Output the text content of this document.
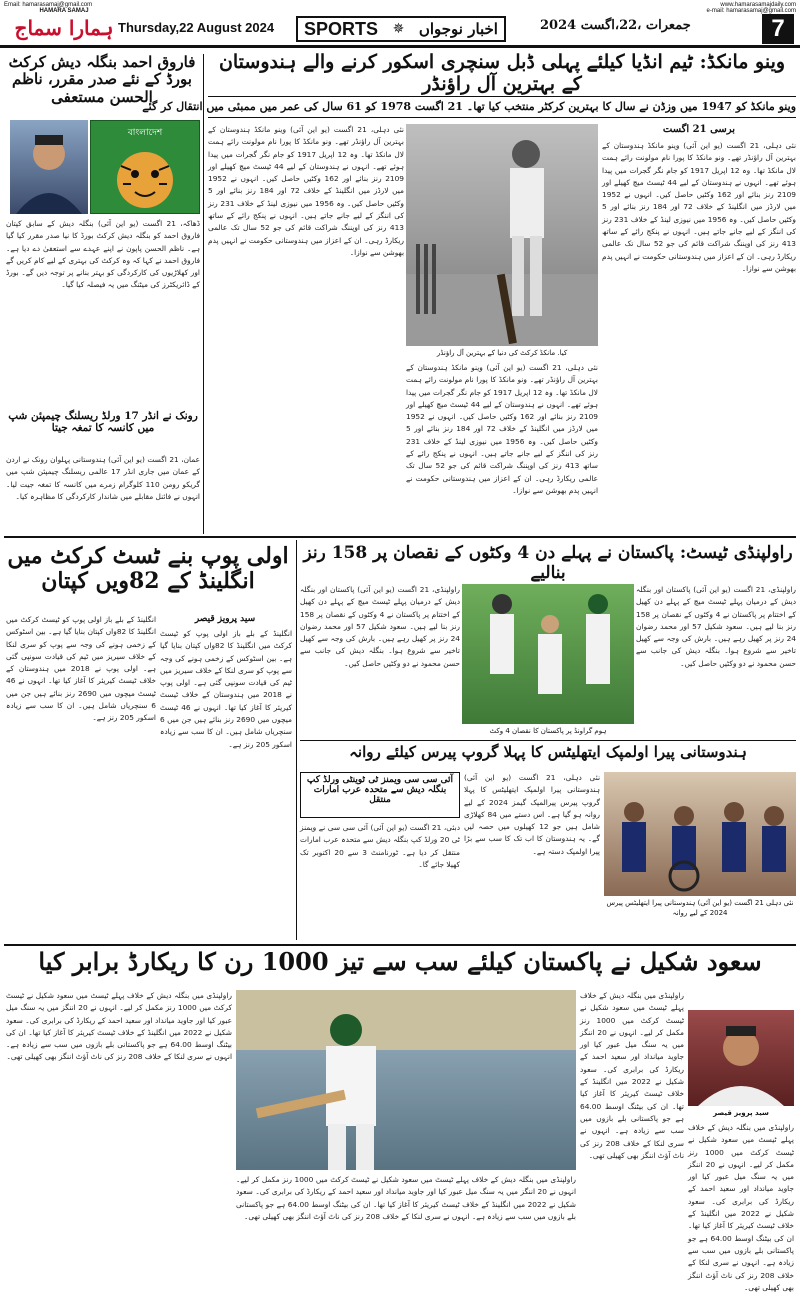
Email: hamarasamaj@gmail.com
HAMARA SAMAJ
ہمارا سماج Thursday,22 August 2024 SPORTS ✵ اخبار نوجواں	جمعرات ،22،اگست 2024
www.hamarasamajdaily.com
e-mail: hamarasamaj@gmail.com
7
فاروق احمد بنگلہ دیش کرکٹ بورڈ کے نئے صدر مقرر، ناظم الحسن مستعفی
বাংলাদেশ
ڈھاکہ، 21 اگست (یو این آئی) بنگلہ دیش کے سابق کپتان فاروق احمد کو بنگلہ دیش کرکٹ بورڈ کا نیا صدر مقرر کیا گیا ہے۔ ناظم الحسن پاپون نے اپنے عہدے سے استعفیٰ دے دیا ہے۔ فاروق احمد نے کہا کہ وہ کرکٹ کی بہتری کے لیے کام کریں گے اور کھلاڑیوں کی کارکردگی کو بہتر بنانے پر توجہ دیں گے۔ بورڈ کے ڈائریکٹرز کی میٹنگ میں یہ فیصلہ کیا گیا۔
رونک نے انڈر 17 ورلڈ ریسلنگ چیمپئن شپ میں کانسہ کا تمغہ جیتا
عمان، 21 اگست (یو این آئی) ہندوستانی پہلوان رونک نے اردن کے عمان میں جاری انڈر 17 عالمی ریسلنگ چیمپئن شپ میں گریکو رومن 110 کلوگرام زمرے میں کانسہ کا تمغہ جیت لیا۔ انہوں نے فائنل مقابلے میں شاندار کارکردگی کا مظاہرہ کیا۔
وینو مانکڈ: ٹیم انڈیا کیلئے پہلی ڈبل سنچری اسکور کرنے والے ہندوستان کے بہترین آل راؤنڈر
وینو مانکڈ کو 1947 میں وزڈن نے سال کا بہترین کرکٹر منتخب کیا تھا۔ 21 اگست 1978 کو 61 سال کی عمر میں ممبئی میں انتقال کر گئے
نئی دہلی، 21 اگست (یو این آئی) وینو مانکڈ ہندوستان کے بہترین آل راؤنڈر تھے۔ ونو مانکڈ کا پورا نام مولونت رائے ہمت لال مانکڈ تھا۔ وہ 12 اپریل 1917 کو جام نگر گجرات میں پیدا ہوئے تھے۔ انہوں نے ہندوستان کے لیے 44 ٹیسٹ میچ کھیلے اور 2109 رنز بنائے اور 162 وکٹیں حاصل کیں۔ انہوں نے 1952 میں لارڈز میں انگلینڈ کے خلاف 72 اور 184 رنز بنائے اور 5 وکٹیں حاصل کیں۔ وہ 1956 میں نیوزی لینڈ کے خلاف 231 رنز کی اننگز کے لیے جانے جاتے ہیں۔ انہوں نے پنکج رائے کے ساتھ 413 رنز کی اوپننگ شراکت قائم کی جو 52 سال تک عالمی ریکارڈ رہی۔ ان کے اعزاز میں ہندوستانی حکومت نے انہیں پدم بھوشن سے نوازا۔
کیا. مانکڈ کرکٹ کی دنیا کے بہترین آل راؤنڈر
نئی دہلی، 21 اگست (یو این آئی) وینو مانکڈ ہندوستان کے بہترین آل راؤنڈر تھے۔ ونو مانکڈ کا پورا نام مولونت رائے ہمت لال مانکڈ تھا۔ وہ 12 اپریل 1917 کو جام نگر گجرات میں پیدا ہوئے تھے۔ انہوں نے ہندوستان کے لیے 44 ٹیسٹ میچ کھیلے اور 2109 رنز بنائے اور 162 وکٹیں حاصل کیں۔ انہوں نے 1952 میں لارڈز میں انگلینڈ کے خلاف 72 اور 184 رنز بنائے اور 5 وکٹیں حاصل کیں۔ وہ 1956 میں نیوزی لینڈ کے خلاف 231 رنز کی اننگز کے لیے جانے جاتے ہیں۔ انہوں نے پنکج رائے کے ساتھ 413 رنز کی اوپننگ شراکت قائم کی جو 52 سال تک عالمی ریکارڈ رہی۔ ان کے اعزاز میں ہندوستانی حکومت نے انہیں پدم بھوشن سے نوازا۔
برسی 21 اگست
نئی دہلی، 21 اگست (یو این آئی) وینو مانکڈ ہندوستان کے بہترین آل راؤنڈر تھے۔ ونو مانکڈ کا پورا نام مولونت رائے ہمت لال مانکڈ تھا۔ وہ 12 اپریل 1917 کو جام نگر گجرات میں پیدا ہوئے تھے۔ انہوں نے ہندوستان کے لیے 44 ٹیسٹ میچ کھیلے اور 2109 رنز بنائے اور 162 وکٹیں حاصل کیں۔ انہوں نے 1952 میں لارڈز میں انگلینڈ کے خلاف 72 اور 184 رنز بنائے اور 5 وکٹیں حاصل کیں۔ وہ 1956 میں نیوزی لینڈ کے خلاف 231 رنز کی اننگز کے لیے جانے جاتے ہیں۔ انہوں نے پنکج رائے کے ساتھ 413 رنز کی اوپننگ شراکت قائم کی جو 52 سال تک عالمی ریکارڈ رہی۔ ان کے اعزاز میں ہندوستانی حکومت نے انہیں پدم بھوشن سے نوازا۔
اولی پوپ بنے ٹسٹ کرکٹ میں انگلینڈ کے 82ویں کپتان
سید پرویز قیصر
انگلینڈ کے بلے باز اولی پوپ کو ٹیسٹ کرکٹ میں انگلینڈ کا 82واں کپتان بنایا گیا ہے۔ بین اسٹوکس کے زخمی ہونے کی وجہ سے پوپ کو سری لنکا کے خلاف سیریز میں ٹیم کی قیادت سونپی گئی ہے۔ اولی پوپ نے 2018 میں ہندوستان کے خلاف ٹیسٹ کیریئر کا آغاز کیا تھا۔ انہوں نے 46 ٹیسٹ میچوں میں 2690 رنز بنائے ہیں جن میں 6 سنچریاں شامل ہیں۔ ان کا سب سے زیادہ اسکور 205 رنز ہے۔
انگلینڈ کے بلے باز اولی پوپ کو ٹیسٹ کرکٹ میں انگلینڈ کا 82واں کپتان بنایا گیا ہے۔ بین اسٹوکس کے زخمی ہونے کی وجہ سے پوپ کو سری لنکا کے خلاف سیریز میں ٹیم کی قیادت سونپی گئی ہے۔ اولی پوپ نے 2018 میں ہندوستان کے خلاف ٹیسٹ کیریئر کا آغاز کیا تھا۔ انہوں نے 46 ٹیسٹ میچوں میں 2690 رنز بنائے ہیں جن میں 6 سنچریاں شامل ہیں۔ ان کا سب سے زیادہ اسکور 205 رنز ہے۔
راولپنڈی ٹیسٹ: پاکستان نے پہلے دن 4 وکٹوں کے نقصان پر 158 رنز بنالیے
راولپنڈی، 21 اگست (یو این آئی) پاکستان اور بنگلہ دیش کے درمیان پہلے ٹیسٹ میچ کے پہلے دن کھیل کے اختتام پر پاکستان نے 4 وکٹوں کے نقصان پر 158 رنز بنا لیے ہیں۔ سعود شکیل 57 اور محمد رضوان 24 رنز پر کھیل رہے ہیں۔ بارش کی وجہ سے کھیل تاخیر سے شروع ہوا۔ بنگلہ دیش کی جانب سے حسن محمود نے دو وکٹیں حاصل کیں۔
ہوم گراونڈ پر پاکستان کا نقصان 4 وکٹ
راولپنڈی، 21 اگست (یو این آئی) پاکستان اور بنگلہ دیش کے درمیان پہلے ٹیسٹ میچ کے پہلے دن کھیل کے اختتام پر پاکستان نے 4 وکٹوں کے نقصان پر 158 رنز بنا لیے ہیں۔ سعود شکیل 57 اور محمد رضوان 24 رنز پر کھیل رہے ہیں۔ بارش کی وجہ سے کھیل تاخیر سے شروع ہوا۔ بنگلہ دیش کی جانب سے حسن محمود نے دو وکٹیں حاصل کیں۔
ہندوستانی پیرا اولمپک ایتھلیٹس کا پہلا گروپ پیرس کیلئے روانہ
آئی سی سی ویمنز ٹی ٹوینٹی ورلڈ کپ
بنگلہ دیش سے متحدہ عرب امارات منتقل
دبئی، 21 اگست (یو این آئی) آئی سی سی نے ویمنز ٹی 20 ورلڈ کپ بنگلہ دیش سے متحدہ عرب امارات منتقل کر دیا ہے۔ ٹورنامنٹ 3 سے 20 اکتوبر تک کھیلا جائے گا۔
نئی دہلی، 21 اگست (یو این آئی) ہندوستانی پیرا اولمپک ایتھلیٹس کا پہلا گروپ پیرس پیرالمپک گیمز 2024 کے لیے روانہ ہو گیا ہے۔ اس دستے میں 84 کھلاڑی شامل ہیں جو 12 کھیلوں میں حصہ لیں گے۔ یہ ہندوستان کا اب تک کا سب سے بڑا پیرا اولمپک دستہ ہے۔
نئی دہلی 21 اگست (یو این آئی) ہندوستانی پیرا ایتھلیٹس پیرس 2024 کے لیے روانہ
سعود شکیل نے پاکستان کیلئے سب سے تیز 1000 رن کا ریکارڈ برابر کیا
راولپنڈی میں بنگلہ دیش کے خلاف پہلے ٹیسٹ میں سعود شکیل نے ٹیسٹ کرکٹ میں 1000 رنز مکمل کر لیے۔ انہوں نے 20 اننگز میں یہ سنگ میل عبور کیا اور جاوید میانداد اور سعید احمد کے ریکارڈ کی برابری کی۔ سعود شکیل نے 2022 میں انگلینڈ کے خلاف ٹیسٹ کیریئر کا آغاز کیا تھا۔ ان کی بیٹنگ اوسط 64.00 ہے جو پاکستانی بلے بازوں میں سب سے زیادہ ہے۔ انہوں نے سری لنکا کے خلاف 208 رنز کی ناٹ آؤٹ اننگز بھی کھیلی تھی۔
راولپنڈی میں بنگلہ دیش کے خلاف پہلے ٹیسٹ میں سعود شکیل نے ٹیسٹ کرکٹ میں 1000 رنز مکمل کر لیے۔ انہوں نے 20 اننگز میں یہ سنگ میل عبور کیا اور جاوید میانداد اور سعید احمد کے ریکارڈ کی برابری کی۔ سعود شکیل نے 2022 میں انگلینڈ کے خلاف ٹیسٹ کیریئر کا آغاز کیا تھا۔ ان کی بیٹنگ اوسط 64.00 ہے جو پاکستانی بلے بازوں میں سب سے زیادہ ہے۔ انہوں نے سری لنکا کے خلاف 208 رنز کی ناٹ آؤٹ اننگز بھی کھیلی تھی۔
راولپنڈی میں بنگلہ دیش کے خلاف پہلے ٹیسٹ میں سعود شکیل نے ٹیسٹ کرکٹ میں 1000 رنز مکمل کر لیے۔ انہوں نے 20 اننگز میں یہ سنگ میل عبور کیا اور جاوید میانداد اور سعید احمد کے ریکارڈ کی برابری کی۔ سعود شکیل نے 2022 میں انگلینڈ کے خلاف ٹیسٹ کیریئر کا آغاز کیا تھا۔ ان کی بیٹنگ اوسط 64.00 ہے جو پاکستانی بلے بازوں میں سب سے زیادہ ہے۔ انہوں نے سری لنکا کے خلاف 208 رنز کی ناٹ آؤٹ اننگز بھی کھیلی تھی۔
سید پرویز قیصر
راولپنڈی میں بنگلہ دیش کے خلاف پہلے ٹیسٹ میں سعود شکیل نے ٹیسٹ کرکٹ میں 1000 رنز مکمل کر لیے۔ انہوں نے 20 اننگز میں یہ سنگ میل عبور کیا اور جاوید میانداد اور سعید احمد کے ریکارڈ کی برابری کی۔ سعود شکیل نے 2022 میں انگلینڈ کے خلاف ٹیسٹ کیریئر کا آغاز کیا تھا۔ ان کی بیٹنگ اوسط 64.00 ہے جو پاکستانی بلے بازوں میں سب سے زیادہ ہے۔ انہوں نے سری لنکا کے خلاف 208 رنز کی ناٹ آؤٹ اننگز بھی کھیلی تھی۔
